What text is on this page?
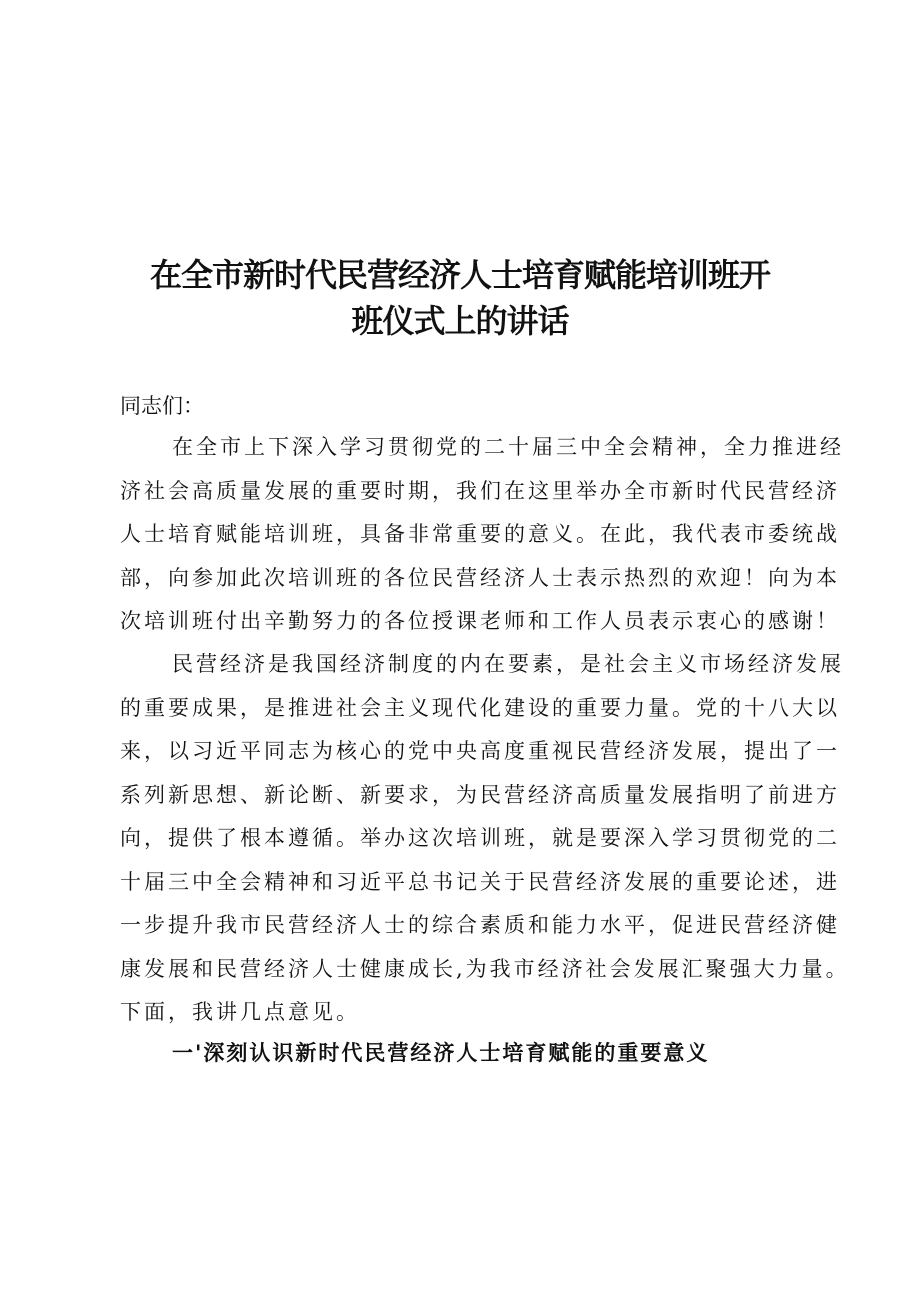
在全市新时代民营经济人士培育赋能培训班开
班仪式上的讲话

同志们：

在全市上下深入学习贯彻党的二十届三中全会精神，全力推进经
济社会高质量发展的重要时期，我们在这里举办全市新时代民营经济
人士培育赋能培训班，具备非常重要的意义。在此，我代表市委统战
部，向参加此次培训班的各位民营经济人士表示热烈的欢迎！向为本
次培训班付出辛勤努力的各位授课老师和工作人员表示衷心的感谢！
民营经济是我国经济制度的内在要素，是社会主义市场经济发展
的重要成果，是推进社会主义现代化建设的重要力量。党的十八大以
来，以习近平同志为核心的党中央高度重视民营经济发展，提出了一
系列新思想、新论断、新要求，为民营经济高质量发展指明了前进方
向，提供了根本遵循。举办这次培训班，就是要深入学习贯彻党的二
十届三中全会精神和习近平总书记关于民营经济发展的重要论述，进
一步提升我市民营经济人士的综合素质和能力水平，促进民营经济健
康发展和民营经济人士健康成长,为我市经济社会发展汇聚强大力量。
下面，我讲几点意见。
一'深刻认识新时代民营经济人士培育赋能的重要意义
